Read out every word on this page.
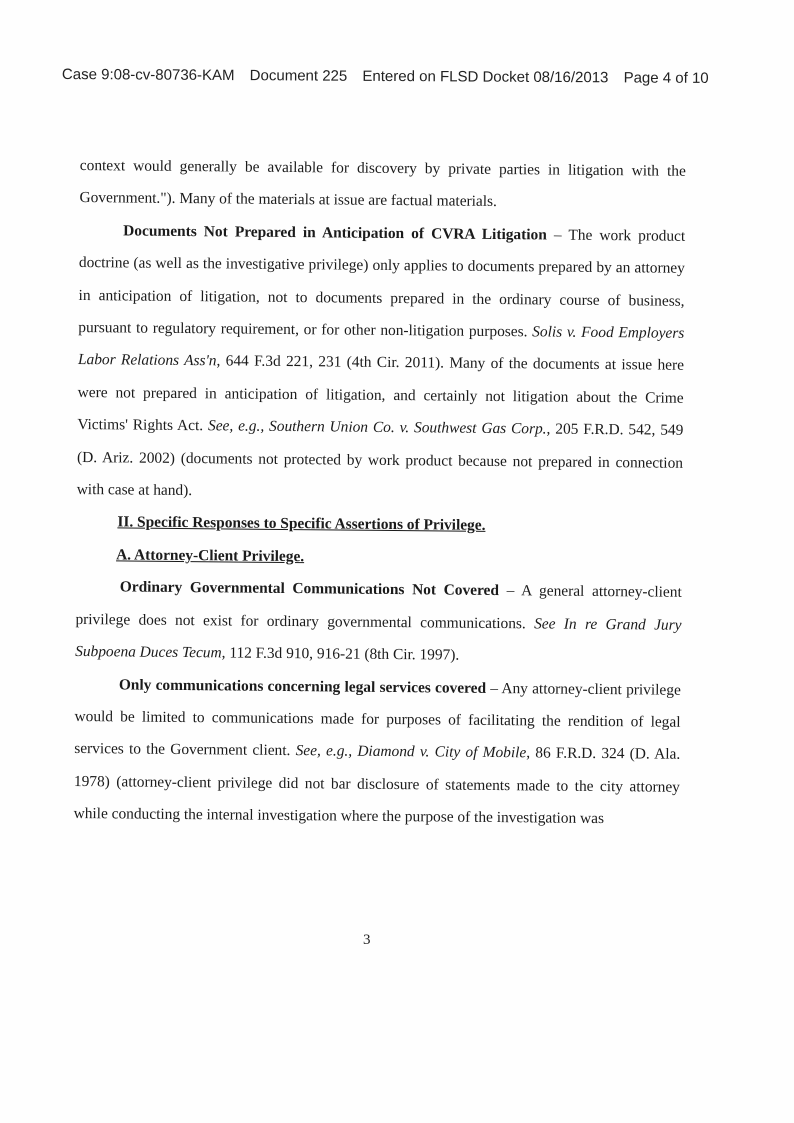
Case 9:08-cv-80736-KAM Document 225 Entered on FLSD Docket 08/16/2013 Page 4 of 10

context would generally be available for discovery by private parties in litigation with the Government."). Many of the materials at issue are factual materials.

Documents Not Prepared in Anticipation of CVRA Litigation – The work product doctrine (as well as the investigative privilege) only applies to documents prepared by an attorney in anticipation of litigation, not to documents prepared in the ordinary course of business, pursuant to regulatory requirement, or for other non-litigation purposes. Solis v. Food Employers Labor Relations Ass'n, 644 F.3d 221, 231 (4th Cir. 2011). Many of the documents at issue here were not prepared in anticipation of litigation, and certainly not litigation about the Crime Victims' Rights Act. See, e.g., Southern Union Co. v. Southwest Gas Corp., 205 F.R.D. 542, 549 (D. Ariz. 2002) (documents not protected by work product because not prepared in connection with case at hand).

II. Specific Responses to Specific Assertions of Privilege.

A. Attorney-Client Privilege.

Ordinary Governmental Communications Not Covered – A general attorney-client privilege does not exist for ordinary governmental communications. See In re Grand Jury Subpoena Duces Tecum, 112 F.3d 910, 916-21 (8th Cir. 1997).

Only communications concerning legal services covered – Any attorney-client privilege would be limited to communications made for purposes of facilitating the rendition of legal services to the Government client. See, e.g., Diamond v. City of Mobile, 86 F.R.D. 324 (D. Ala. 1978) (attorney-client privilege did not bar disclosure of statements made to the city attorney while conducting the internal investigation where the purpose of the investigation was

3
